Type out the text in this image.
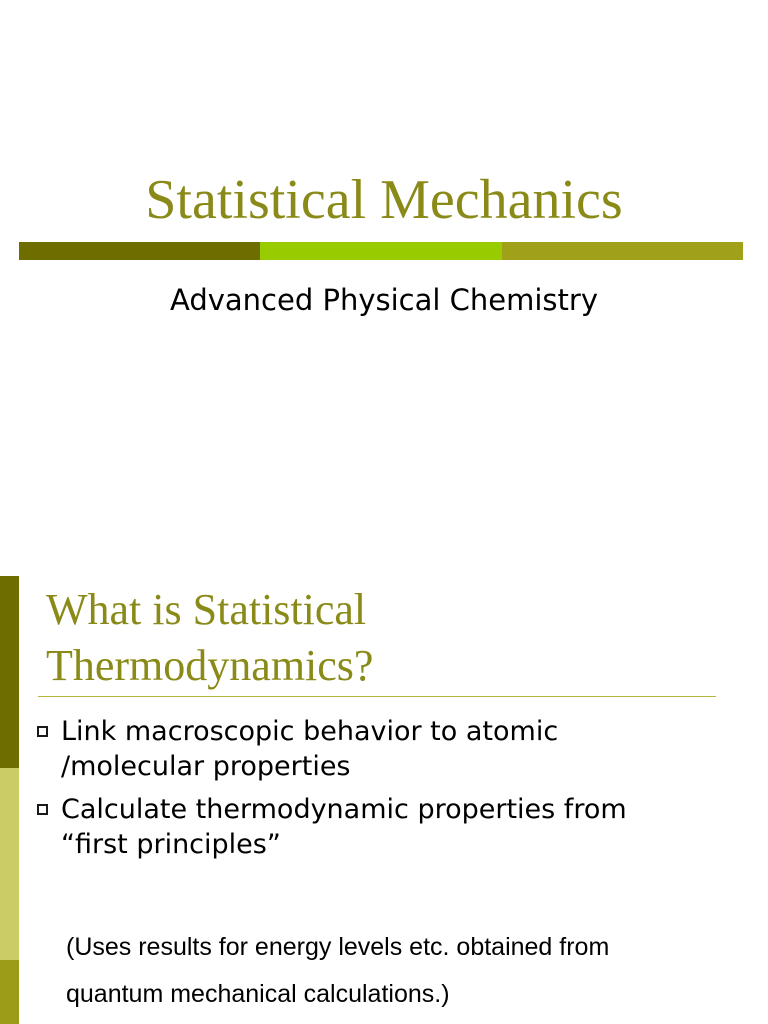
Statistical Mechanics
Advanced Physical Chemistry
What is Statistical
Thermodynamics?
Link macroscopic behavior to atomic
/molecular properties
Calculate thermodynamic properties from
“first principles”
(Uses results for energy levels etc. obtained from
quantum mechanical calculations.)
